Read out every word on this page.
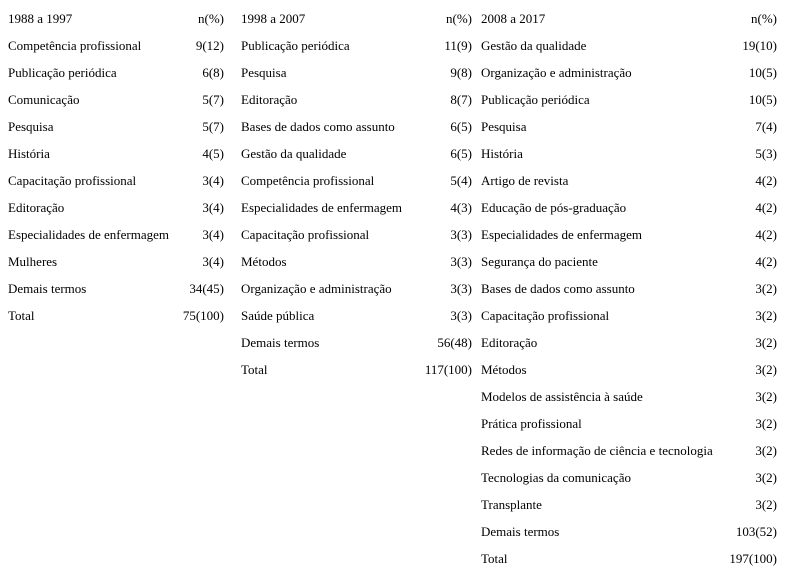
1988 a 1997	n(%)
Competência profissional	9(12)
Publicação periódica	6(8)
Comunicação	5(7)
Pesquisa	5(7)
História	4(5)
Capacitação profissional	3(4)
Editoração	3(4)
Especialidades de enfermagem	3(4)
Mulheres	3(4)
Demais termos	34(45)
Total	75(100)
1998 a 2007	n(%)
Publicação periódica	11(9)
Pesquisa	9(8)
Editoração	8(7)
Bases de dados como assunto	6(5)
Gestão da qualidade	6(5)
Competência profissional	5(4)
Especialidades de enfermagem	4(3)
Capacitação profissional	3(3)
Métodos	3(3)
Organização e administração	3(3)
Saúde pública	3(3)
Demais termos	56(48)
Total	117(100)
2008 a 2017	n(%)
Gestão da qualidade	19(10)
Organização e administração	10(5)
Publicação periódica	10(5)
Pesquisa	7(4)
História	5(3)
Artigo de revista	4(2)
Educação de pós-graduação	4(2)
Especialidades de enfermagem	4(2)
Segurança do paciente	4(2)
Bases de dados como assunto	3(2)
Capacitação profissional	3(2)
Editoração	3(2)
Métodos	3(2)
Modelos de assistência à saúde	3(2)
Prática profissional	3(2)
Redes de informação de ciência e tecnologia	3(2)
Tecnologias da comunicação	3(2)
Transplante	3(2)
Demais termos	103(52)
Total	197(100)
